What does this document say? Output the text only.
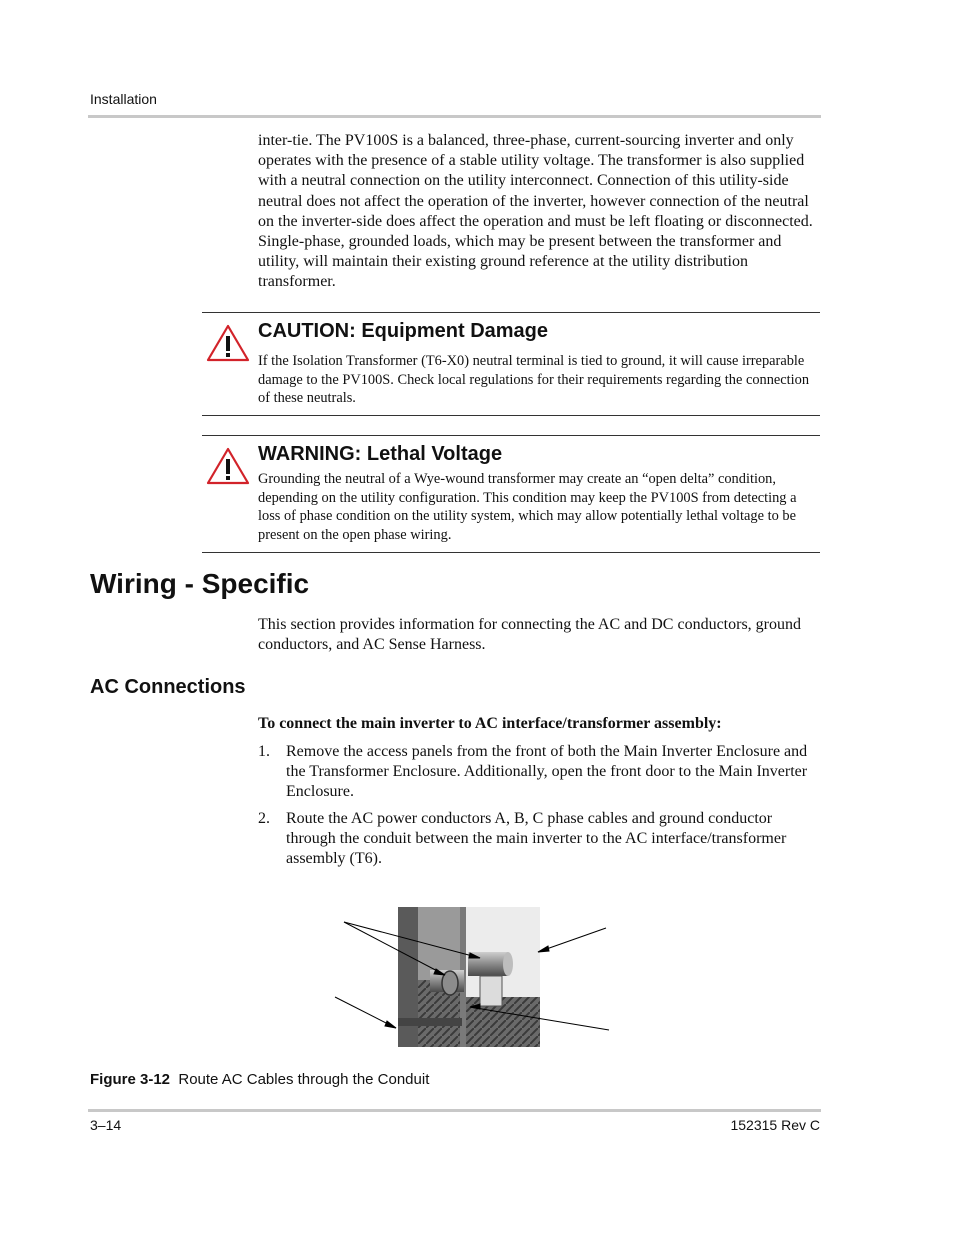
Installation
inter-tie. The PV100S is a balanced, three-phase, current-sourcing inverter and only operates with the presence of a stable utility voltage. The transformer is also supplied with a neutral connection on the utility interconnect. Connection of this utility-side neutral does not affect the operation of the inverter, however connection of the neutral on the inverter-side does affect the operation and must be left floating or disconnected. Single-phase, grounded loads, which may be present between the transformer and utility, will maintain their existing ground reference at the utility distribution transformer.
CAUTION: Equipment Damage
If the Isolation Transformer (T6-X0) neutral terminal is tied to ground, it will cause irreparable damage to the PV100S. Check local regulations for their requirements regarding the connection of these neutrals.
WARNING: Lethal Voltage
Grounding the neutral of a Wye-wound transformer may create an “open delta” condition, depending on the utility configuration. This condition may keep the PV100S from detecting a loss of phase condition on the utility system, which may allow potentially lethal voltage to be present on the open phase wiring.
Wiring - Specific
This section provides information for connecting the AC and DC conductors, ground conductors, and AC Sense Harness.
AC Connections
To connect the main inverter to AC interface/transformer assembly:
1. Remove the access panels from the front of both the Main Inverter Enclosure and the Transformer Enclosure. Additionally, open the front door to the Main Inverter Enclosure.
2. Route the AC power conductors A, B, C phase cables and ground conductor through the conduit between the main inverter to the AC interface/transformer assembly (T6).
Figure 3-12 Route AC Cables through the Conduit
3–14	152315 Rev C
